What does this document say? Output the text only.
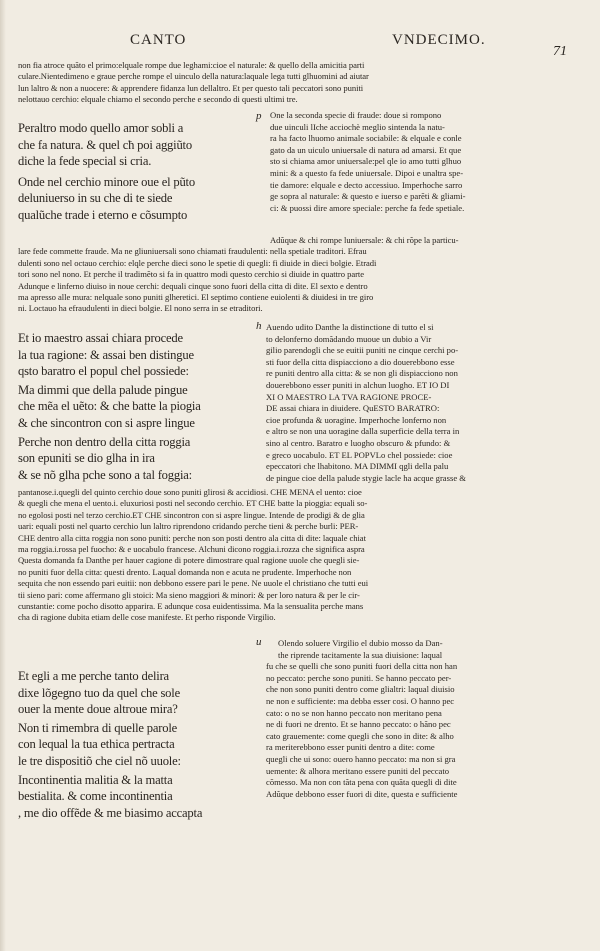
CANTO	VNDECIMO.
71
non fia atroce quãto el primo:elquale rompe due leghami:cioe el naturale: & quello della amicitia parti
culare.Nientedimeno e graue perche rompe el uinculo della natura:laquale lega tutti glhuomini ad aiutar
lun laltro & non a nuocere: & apprendere fidanza lun dellaltro. Et per questo tali peccatori sono puniti
nelottauo cerchio: elquale chiamo el secondo perche e secondo di questi ultimi tre.
Peraltro modo quello amor sobli a
che fa natura. & quel cħ poi aggiũto
diche la fede special si cria.
Onde nel cerchio minore oue el pũto
deluniuerso in su che di te siede
qualũche trade i eterno e cõsumpto
p One la seconda specie di fraude: doue si rompono
due uinculi lIche acciochè meglio sintenda la natu-
ra ha facto lhuomo animale sociabile: & elquale e conle
gato da un uiculo uniuersale di natura ad amarsi. Et que
sto si chiama amor uniuersale:pel qle io amo tutti glhuo
mini: & a questo fa fede uniuersale. Dipoi e unaltra spe-
tie damore: elquale e decto accessiuo. Imperhoche sarro
ge sopra al naturale: & questo e iuerso e parẽti & gliami-
ci: & puossi dire amore speciale: perche fa fede spetiale.
Adũque & chi rompe luniuersale: & chi rõpe la particu-
lare fede commette fraude. Ma ne gliuniuersali sono chiamati fraudulenti: nella spetiale traditori. Efrau
dulenti sono nel octauo cerchio: elqle perche dieci sono le spetie di quegli: fi diuide in dieci bolgie. Etradi
tori sono nel nono. Et perche il tradimẽto si fa in quattro modi questo cerchio si diuide in quattro parte
Adunque e linferno diuiso in noue cerchi: dequali cinque sono fuori della citta di dite. El sexto e dentro
ma apresso alle mura: nelquale sono puniti glheretici. El septimo contiene euiolenti & diuidesi in tre giro
ni. Loctauo ha efraudulenti in dieci bolgie. El nono serra in se etraditori.
Et io maestro assai chiara procede
la tua ragione: & assai ben distingue
qsto baratro el popul chel possiede:
Ma dimmi que della palude pingue
che mẽa el uẽto: & che batte la piogia
& che sincontron con si aspre lingue
Perche non dentro della citta roggia
son epuniti se dio glha in ira
& se nõ glha pche sono a tal foggia:
h Auendo udito Danthe la distinctione di tutto el si
to delonferno domãdando muoue un dubio a Vir
gilio parendogli che se euitii puniti ne cinque cerchi po-
sti fuor della citta dispiacciono a dio douerebbono esse
re puniti dentro alla citta: & se non gli dispiacciono non
douerebbono esser puniti in alchun luogho. ET IO DI
XI O MAESTRO LA TVA RAGIONE PROCE-
DE assai chiara in diuidere. QuESTO BARATRO:
cioe profunda & uoragine. Imperhoche lonferno non
e altro se non una uoragine dalla superficie della terra in
sino al centro. Baratro e luogho obscuro & pfundo: &
e greco uocabulo. ET EL POPVLo chel possiede: cioe
epeccatori che lhabitono. MA DIMMI qgli della palu
de pingue cioe della palude stygie lacle ha acque grasse &
pantanose.i.quegli del quinto cerchio doue sono puniti glirosi & accidiosi. CHE MENA el uento: cioe
& quegli che mena el uento.i. eluxuriosi posti nel secondo cerchio. ET CHE batte la pioggia: equali so-
no egolosi posti nel terzo cerchio.ET CHE sincontron con si aspre lingue. Intende de prodigi & de glia
uari: equali posti nel quarto cerchio lun laltro riprendono cridando perche tieni & perche burli: PER-
CHE dentro alla citta roggia non sono puniti: perche non son posti dentro ala citta di dite: laquale chiat
ma roggia.i.rossa pel fuocho: & e uocabulo francese. Alchuni dicono roggia.i.rozza che significa aspra
Questa domanda fa Danthe per hauer cagione di potere dimostrare qual ragione uuole che quegli sie-
no puniti fuor della citta: questi drento. Laqual domanda non e acuta ne prudente. Imperhoche non
sequita che non essendo pari euitii: non debbono essere pari le pene. Ne uuole el christiano che tutti eui
tii sieno pari: come affermano gli stoici: Ma sieno maggiori & minori: & per loro natura & per le cir-
cunstantie: come pocho disotto apparira. E adunque cosa euidentissima. Ma la sensualita perche mans
cha di ragione dubita etiam delle cose manifeste. Et perho risponde Virgilio.
Et egli a me perche tanto delira
dixe lõgegno tuo da quel che sole
ouer la mente doue altroue mira?
Non ti rimembra di quelle parole
con lequal la tua ethica pertracta
le tre dispositiõ che ciel nõ uuole:
Incontinentia malitia & la matta
bestialita. & come incontinentia
, me dio offẽde & me biasimo accapta
u	Olendo soluere Virgilio el dubio mosso da Dan-
the riprende tacitamente la sua diuisione: laqual
fu che se quelli che sono puniti fuori della citta non han
no peccato: perche sono puniti. Se hanno peccato per-
che non sono puniti dentro come glialtri: laqual diuisio
ne non e sufficiente: ma debba esser cosi. O hanno pec
cato: o no se non hanno peccato non meritano pena
ne di fuori ne drento. Et se hanno peccato: o hãno pec
cato grauemente: come quegli che sono in dite: & alho
ra meriterebbono esser puniti dentro a dite: come
quegli che ui sono: ouero hanno peccato: ma non si gra
uemente: & alhora meritano essere puniti del peccato
cõmesso. Ma non con tãta pena con quãta quegli di dite
Adũque debbono esser fuori di dite, questa e sufficiente
